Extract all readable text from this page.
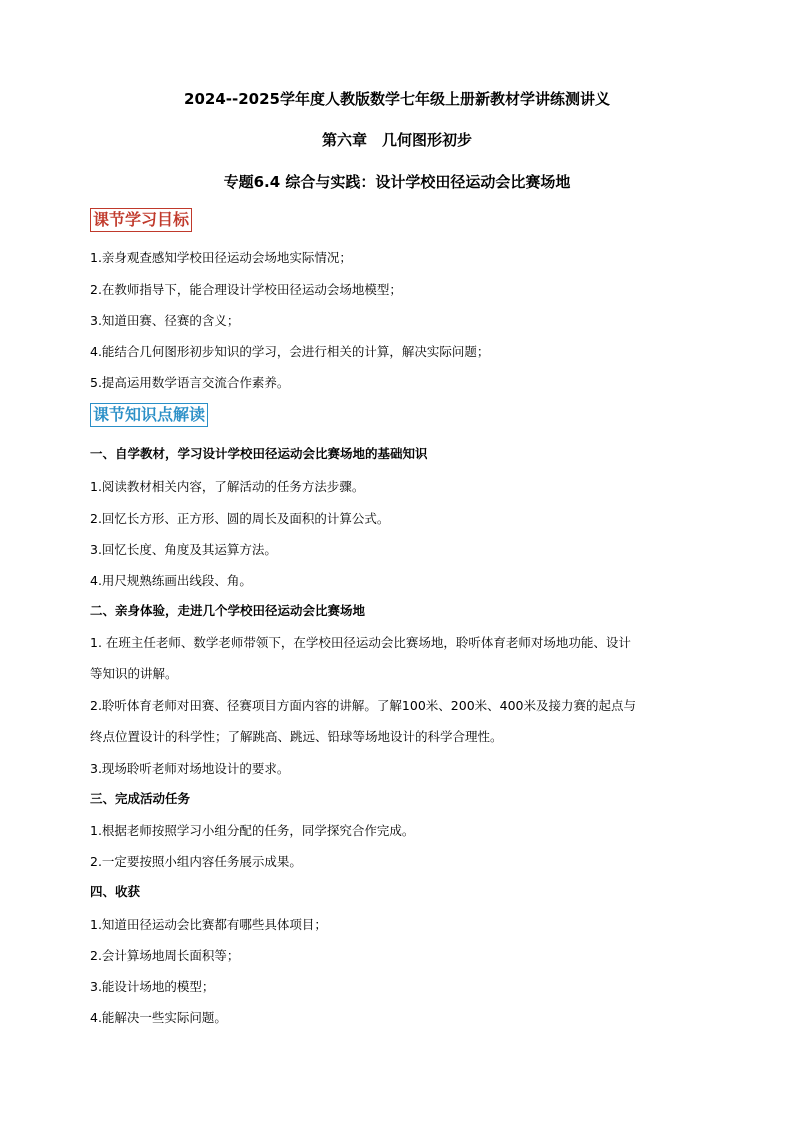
2024--2025学年度人教版数学七年级上册新教材学讲练测讲义
第六章　几何图形初步
专题6.4 综合与实践：设计学校田径运动会比赛场地
课节学习目标
1.亲身观查感知学校田径运动会场地实际情况；
2.在教师指导下，能合理设计学校田径运动会场地模型；
3.知道田赛、径赛的含义；
4.能结合几何图形初步知识的学习，会进行相关的计算，解决实际问题；
5.提高运用数学语言交流合作素养。
课节知识点解读
一、自学教材，学习设计学校田径运动会比赛场地的基础知识
1.阅读教材相关内容，了解活动的任务方法步骤。
2.回忆长方形、正方形、圆的周长及面积的计算公式。
3.回忆长度、角度及其运算方法。
4.用尺规熟练画出线段、角。
二、亲身体验，走进几个学校田径运动会比赛场地
1. 在班主任老师、数学老师带领下，在学校田径运动会比赛场地，聆听体育老师对场地功能、设计
等知识的讲解。
2.聆听体育老师对田赛、径赛项目方面内容的讲解。了解100米、200米、400米及接力赛的起点与
终点位置设计的科学性；了解跳高、跳远、铅球等场地设计的科学合理性。
3.现场聆听老师对场地设计的要求。
三、完成活动任务
1.根据老师按照学习小组分配的任务，同学探究合作完成。
2.一定要按照小组内容任务展示成果。
四、收获
1.知道田径运动会比赛都有哪些具体项目；
2.会计算场地周长面积等；
3.能设计场地的模型；
4.能解决一些实际问题。
